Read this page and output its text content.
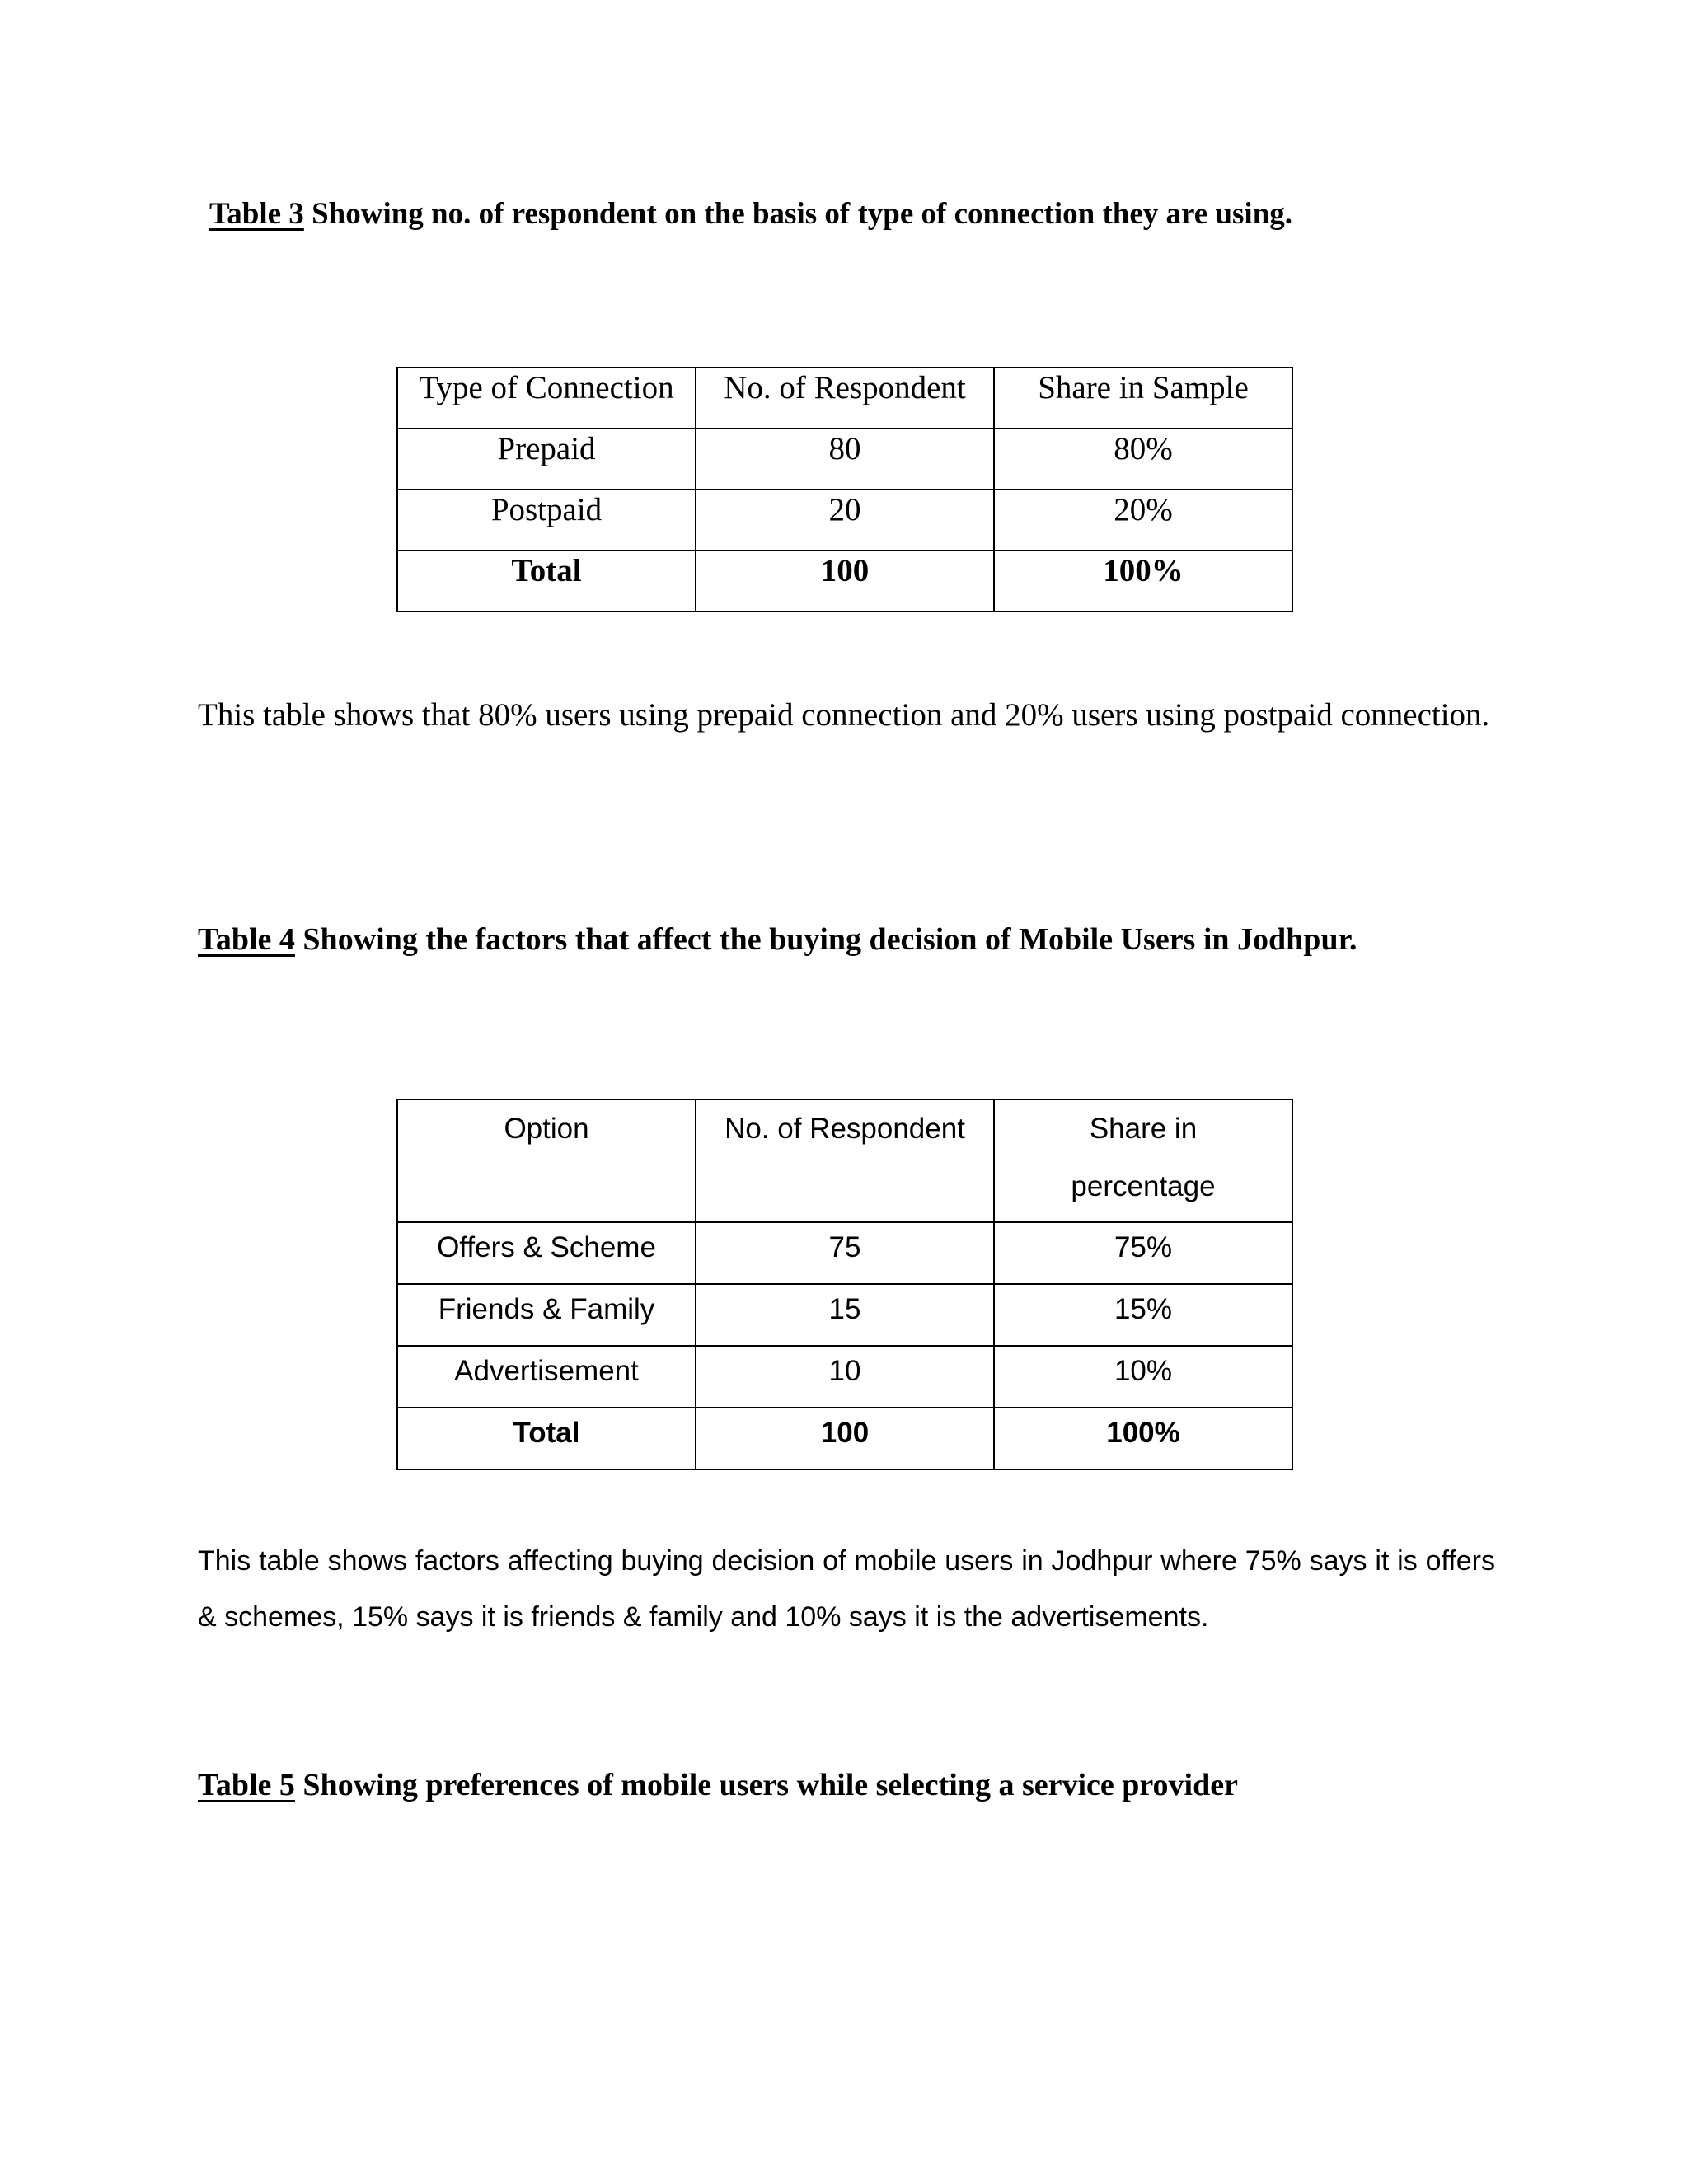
Table 3 Showing no. of respondent on the basis of type of connection they are using.
Type of Connection	No. of Respondent	Share in Sample
Prepaid	80	80%
Postpaid	20	20%
Total	100	100%

This table shows that 80% users using prepaid connection and 20% users using postpaid connection.

Table 4 Showing the factors that affect the buying decision of Mobile Users in Jodhpur.
Option	No. of Respondent	Share in percentage

Offers & Scheme	75	75%
Friends & Family	15	15%
Advertisement	10	10%
Total	100	100%

This table shows factors affecting buying decision of mobile users in Jodhpur where 75% says it is offers & schemes, 15% says it is friends & family and 10% says it is the advertisements.

Table 5 Showing preferences of mobile users while selecting a service provider
